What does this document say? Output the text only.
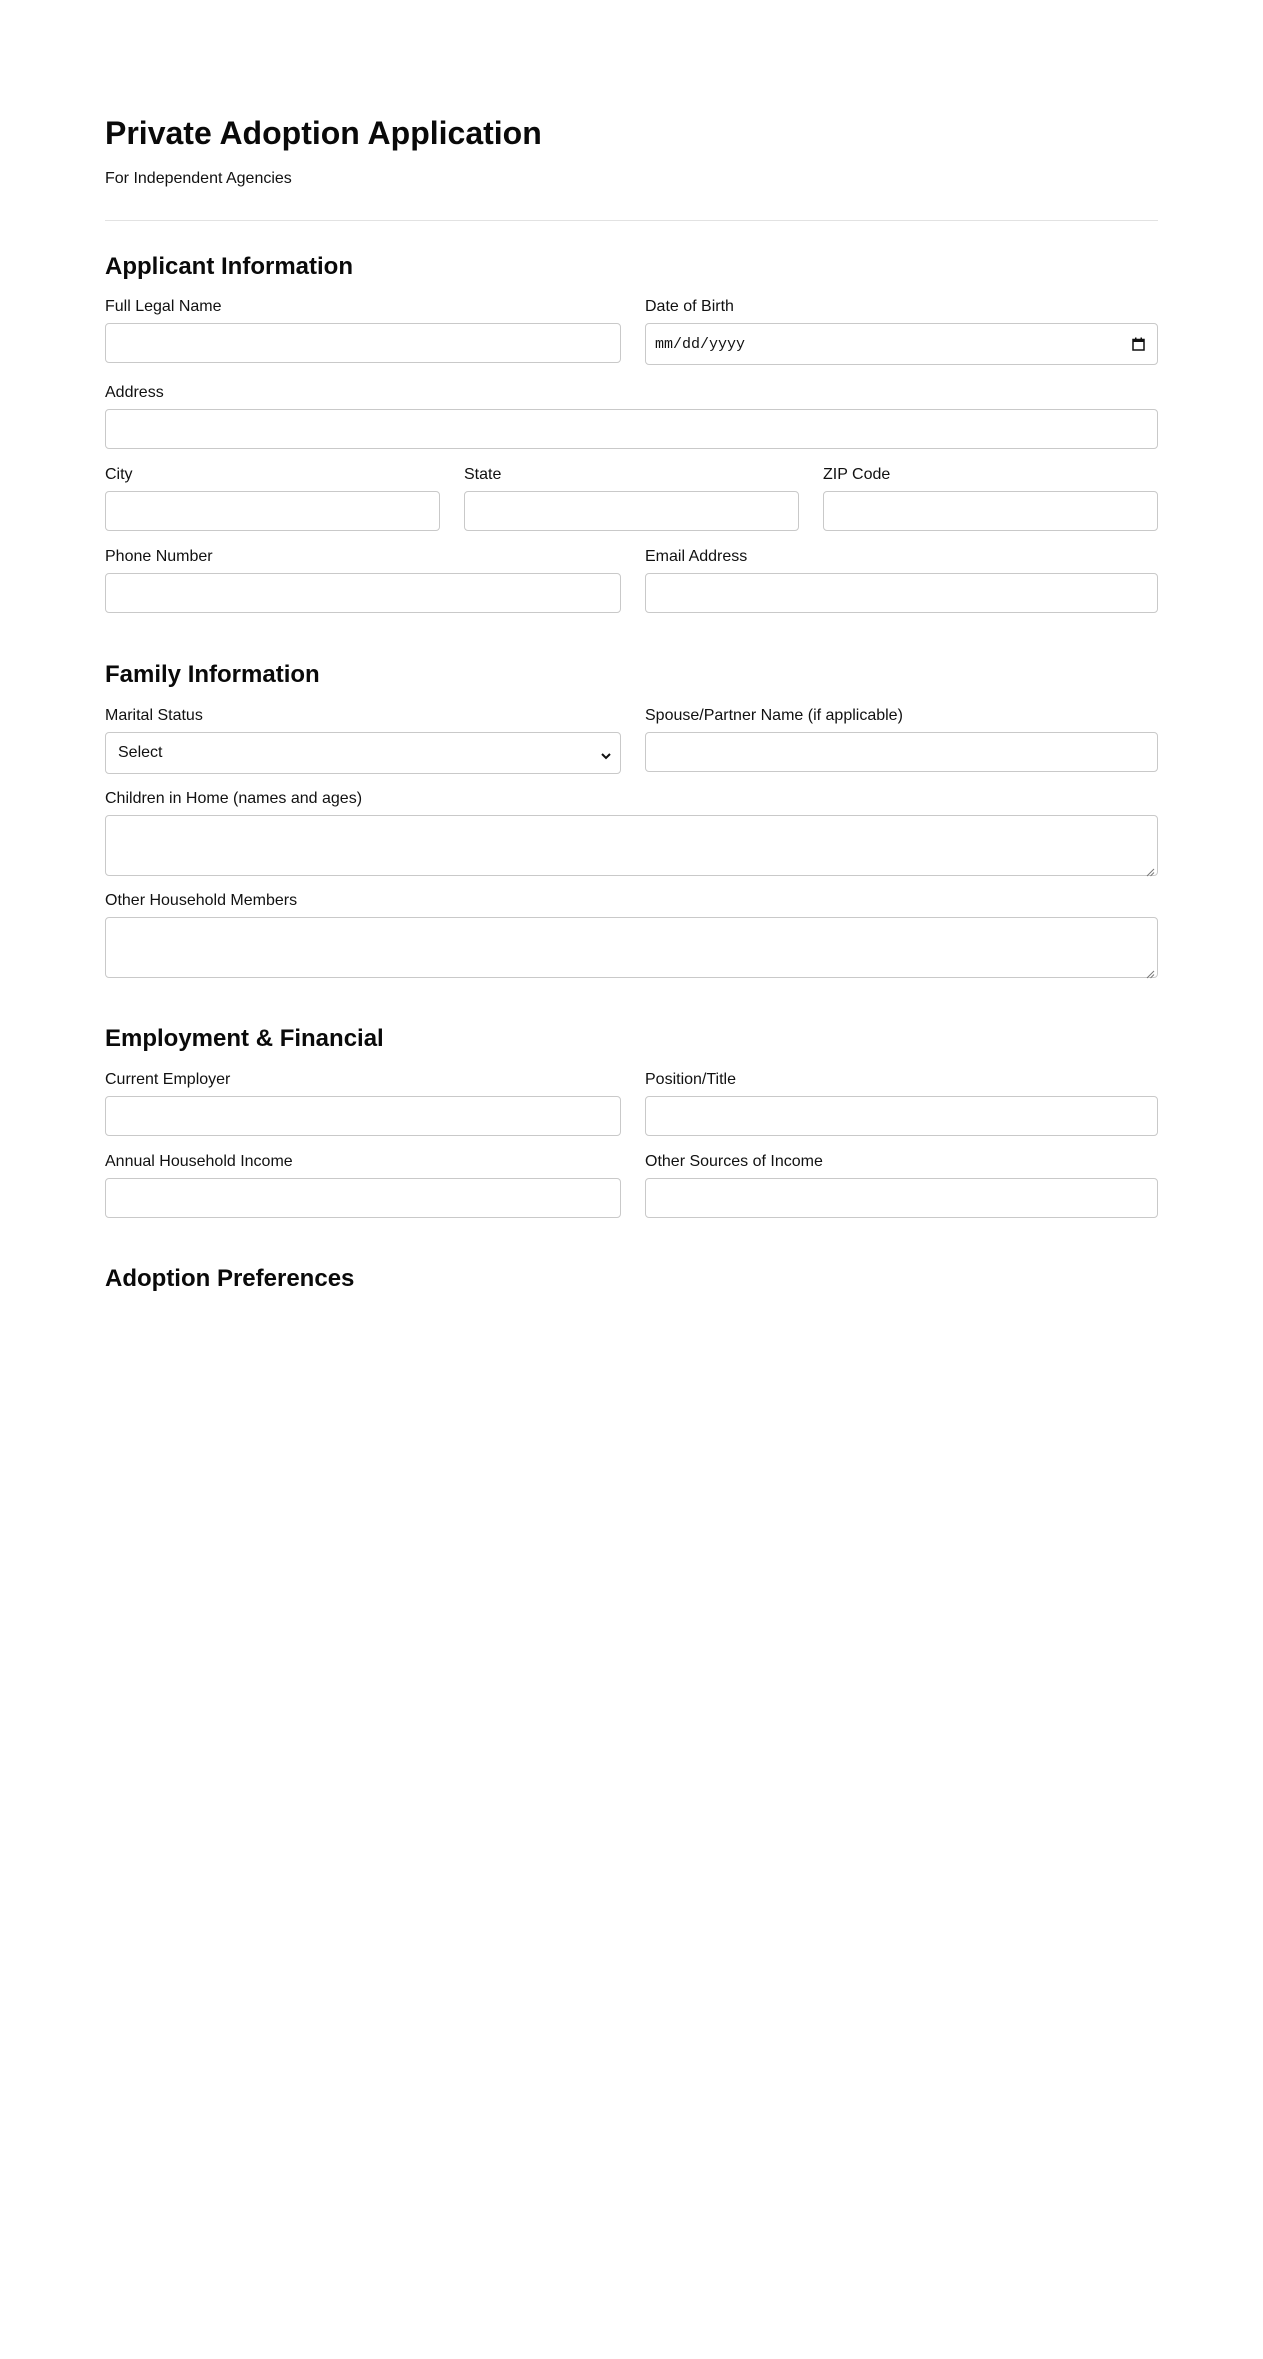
Private Adoption Application
For Independent Agencies
Applicant Information
Full Legal Name	Date of Birth
mm/dd/yyyy
Address
City	State	ZIP Code
Phone Number	Email Address
Family Information
Marital Status
Select
Spouse/Partner Name (if applicable)
Children in Home (names and ages)
Other Household Members
Employment & Financial
Current Employer	Position/Title
Annual Household Income	Other Sources of Income
Adoption Preferences
